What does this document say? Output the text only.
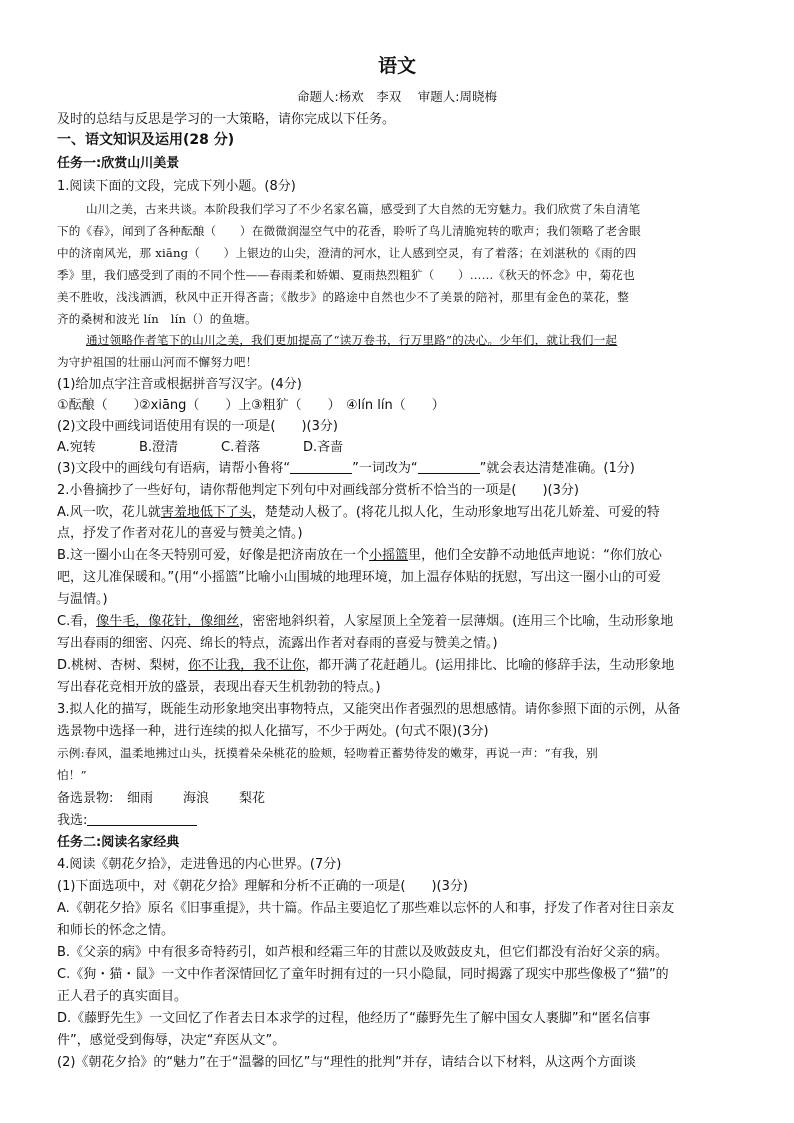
语文
命题人:杨欢　李双　 审题人:周晓梅
及时的总结与反思是学习的一大策略，请你完成以下任务。
一、语文知识及运用(28 分)
任务一:欣赏山川美景
1.阅读下面的文段，完成下列小题。(8分)
山川之美，古来共谈。本阶段我们学习了不少名家名篇，感受到了大自然的无穷魅力。我们欣赏了朱自清笔
下的《春》，闻到了各种酝酿（　　）在微微润湿空气中的花香，聆听了鸟儿清脆宛转的歌声；我们领略了老舍眼
中的济南风光，那 xiāng（　　）上银边的山尖，澄清的河水，让人感到空灵，有了着落；在刘湛秋的《雨的四
季》里，我们感受到了雨的不同个性——春雨柔和娇媚、夏雨热烈粗犷（　　）……《秋天的怀念》中，菊花也
美不胜收，浅浅洒洒，秋风中正开得吝啬；《散步》的路途中自然也少不了美景的陪衬，那里有金色的菜花，整
齐的桑树和波光 lín　lín（）的鱼塘。
通过领略作者笔下的山川之美，我们更加提高了“读万卷书，行万里路”的决心。少年们，就让我们一起
为守护祖国的壮丽山河而不懈努力吧！
(1)给加点字注音或根据拼音写汉字。(4分)
①酝酿（　　）②xiāng（　　）上③粗犷（　　） ④lín lín（　　）
(2)文段中画线词语使用有误的一项是(　　)(3分)
A.宛转	B.澄清	C.着落	D.吝啬
(3)文段中的画线句有语病，请帮小鲁将“	”一词改为“	”就会表达清楚准确。(1分)
2.小鲁摘抄了一些好句，请你帮他判定下列句中对画线部分赏析不恰当的一项是(　　)(3分)
A.风一吹，花儿就害羞地低下了头，楚楚动人极了。(将花儿拟人化，生动形象地写出花儿娇羞、可爱的特
点，抒发了作者对花儿的喜爱与赞美之情。)
B.这一圈小山在冬天特别可爱，好像是把济南放在一个小摇篮里，他们全安静不动地低声地说：“你们放心
吧，这儿准保暖和。”(用“小摇篮”比喻小山围城的地理环境，加上温存体贴的抚慰，写出这一圈小山的可爱
与温情。)
C.看，像牛毛，像花针，像细丝，密密地斜织着，人家屋顶上全笼着一层薄烟。(连用三个比喻，生动形象地
写出春雨的细密、闪亮、绵长的特点，流露出作者对春雨的喜爱与赞美之情。)
D.桃树、杏树、梨树，你不让我，我不让你，都开满了花赶趟儿。(运用排比、比喻的修辞手法，生动形象地
写出春花竞相开放的盛景，表现出春天生机勃勃的特点。)
3.拟人化的描写，既能生动形象地突出事物特点，又能突出作者强烈的思想感情。请你参照下面的示例，从备
选景物中选择一种，进行连续的拟人化描写，不少于两处。(句式不限)(3分)
示例:春风，温柔地拂过山头，抚摸着朵朵桃花的脸颊，轻吻着正蓄势待发的嫩芽，再说一声：“有我，别
怕！”
备选景物: 细雨 海浪 梨花
我选:
任务二:阅读名家经典
4.阅读《朝花夕拾》，走进鲁迅的内心世界。(7分)
(1)下面选项中，对《朝花夕拾》理解和分析不正确的一项是(　　)(3分)
A.《朝花夕拾》原名《旧事重提》，共十篇。作品主要追忆了那些难以忘怀的人和事，抒发了作者对往日亲友
和师长的怀念之情。
B.《父亲的病》中有很多奇特药引，如芦根和经霜三年的甘蔗以及败鼓皮丸，但它们都没有治好父亲的病。
C.《狗・猫・鼠》一文中作者深情回忆了童年时拥有过的一只小隐鼠，同时揭露了现实中那些像极了“猫”的
正人君子的真实面目。
D.《藤野先生》一文回忆了作者去日本求学的过程，他经历了“藤野先生了解中国女人裹脚”和“匿名信事
件”，感觉受到侮辱，决定“弃医从文”。
(2)《朝花夕拾》的“魅力”在于“温馨的回忆”与“理性的批判”并存，请结合以下材料，从这两个方面谈
